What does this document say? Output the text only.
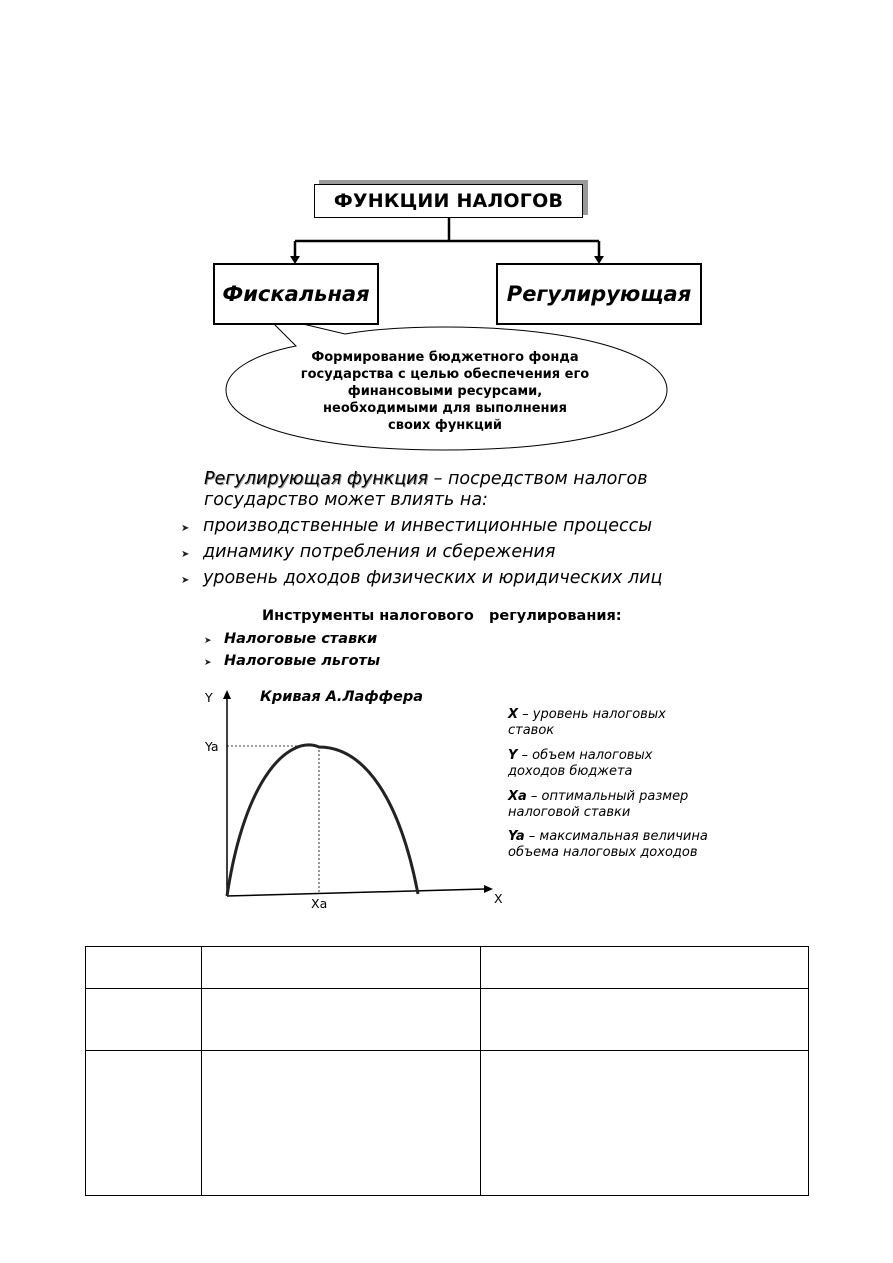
ФУНКЦИИ НАЛОГОВ
Фискальная	Регулирующая
Формирование бюджетного фонда государства с целью обеспечения его финансовыми ресурсами, необходимыми для выполнения своих функций
Регулирующая функция – посредством налогов государство может влиять на:
➤ производственные и инвестиционные процессы
➤ динамику потребления и сбережения
➤ уровень доходов физических и юридических лиц
Инструменты налогового   регулирования:
➤ Налоговые ставки
➤ Налоговые льготы
Кривая А.Лаффера
Y
Ya
Xa	X
X – уровень налоговых ставок
Y – объем налоговых доходов бюджета
Xa – оптимальный размер налоговой ставки
Ya – максимальная величина объема налоговых доходов
